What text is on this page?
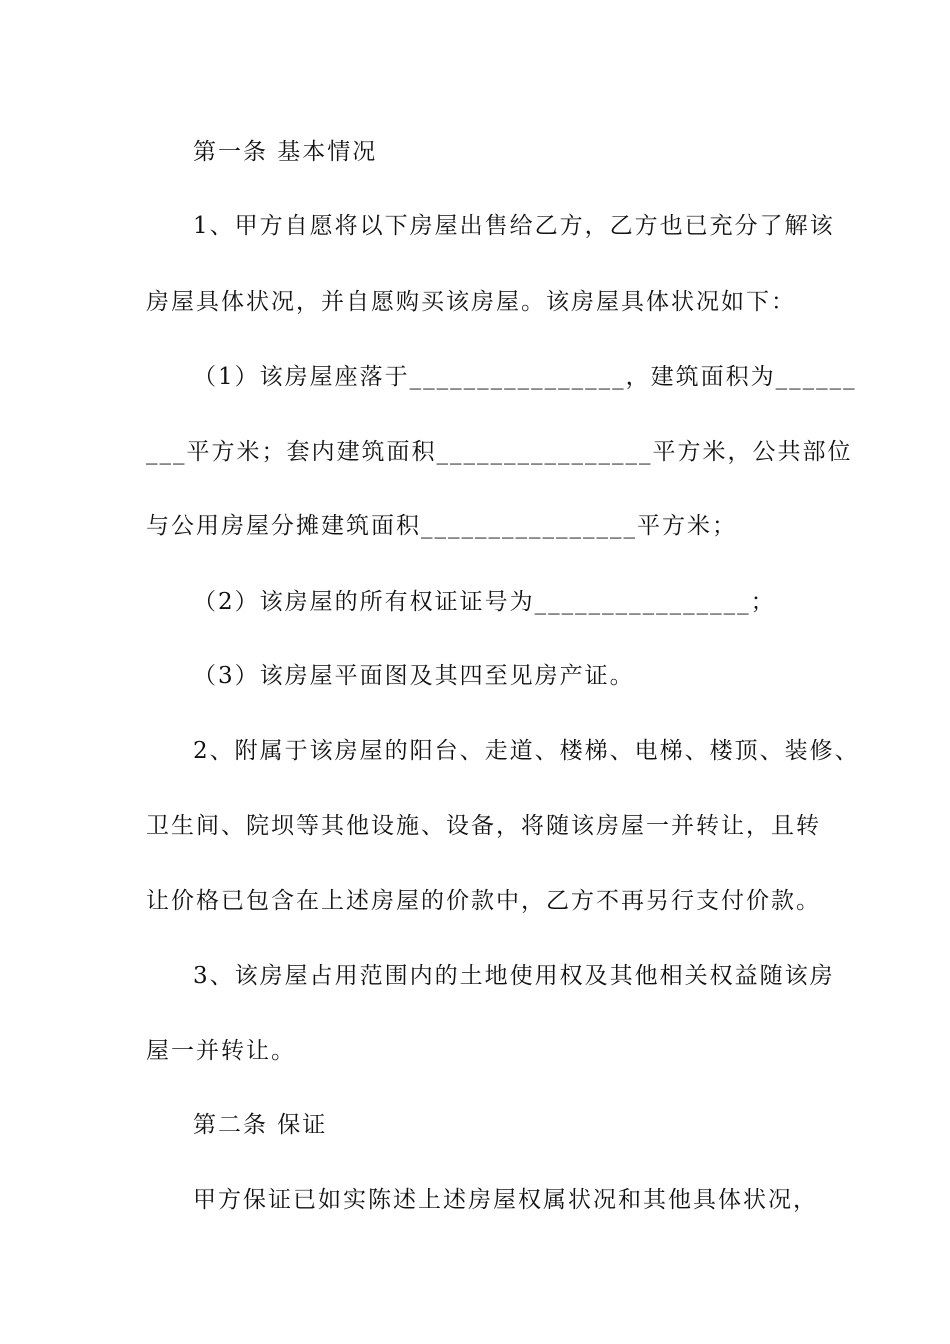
第一条 基本情况
1、甲方自愿将以下房屋出售给乙方，乙方也已充分了解该
房屋具体状况，并自愿购买该房屋。该房屋具体状况如下：
（1）该房屋座落于________________，建筑面积为______
___平方米；套内建筑面积________________平方米，公共部位
与公用房屋分摊建筑面积________________平方米；
（2）该房屋的所有权证证号为________________；
（3）该房屋平面图及其四至见房产证。
2、附属于该房屋的阳台、走道、楼梯、电梯、楼顶、装修、
卫生间、院坝等其他设施、设备，将随该房屋一并转让，且转
让价格已包含在上述房屋的价款中，乙方不再另行支付价款。
3、该房屋占用范围内的土地使用权及其他相关权益随该房
屋一并转让。
第二条 保证
甲方保证已如实陈述上述房屋权属状况和其他具体状况，
